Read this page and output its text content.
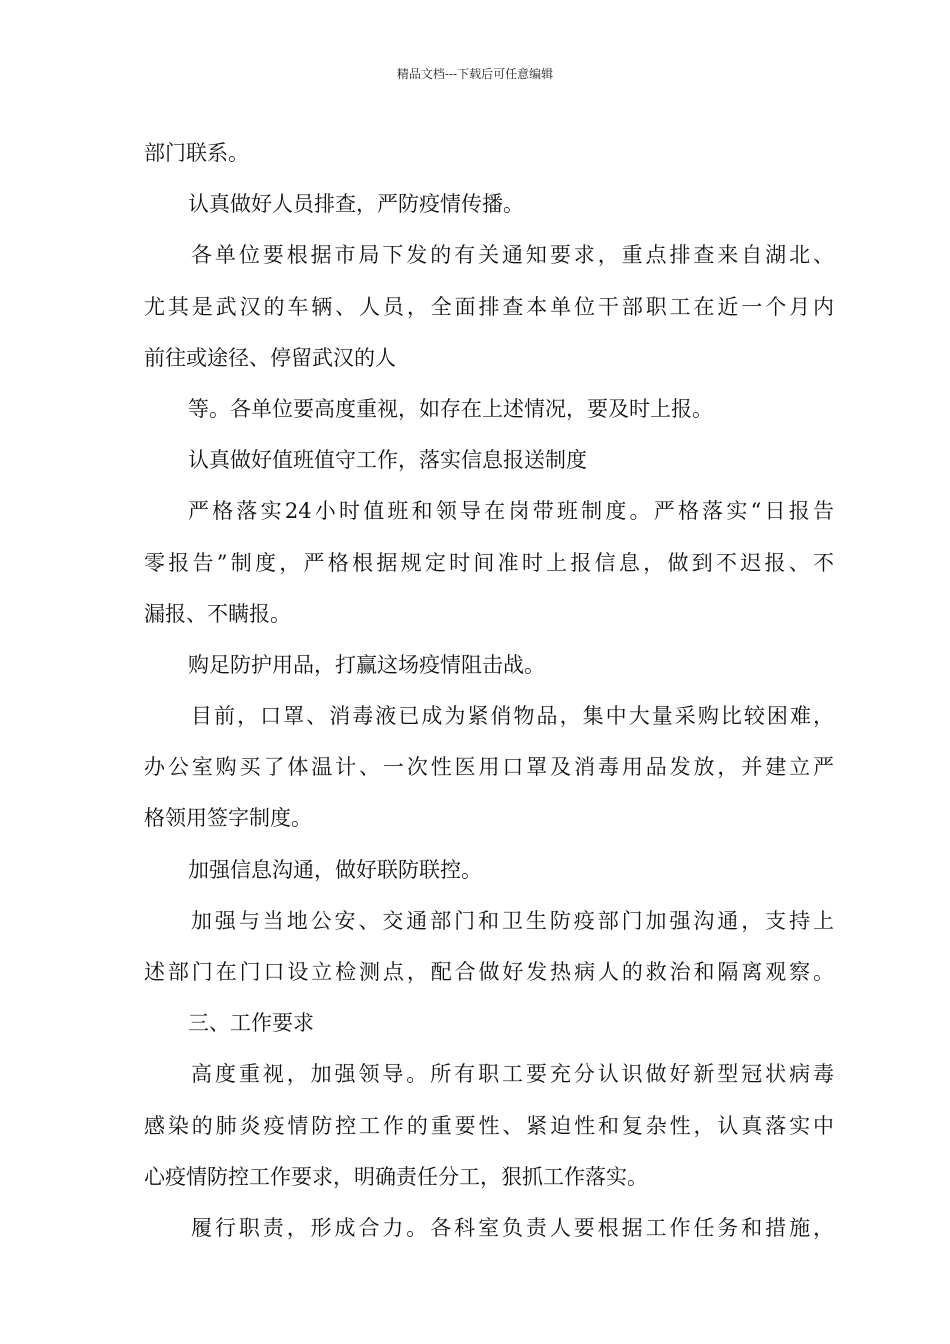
精品文档---下载后可任意编辑
部门联系。
认真做好人员排查，严防疫情传播。
各单位要根据市局下发的有关通知要求，重点排查来自湖北、
尤其是武汉的车辆、人员，全面排查本单位干部职工在近一个月内
前往或途径、停留武汉的人
等。各单位要高度重视，如存在上述情况，要及时上报。
认真做好值班值守工作，落实信息报送制度
严格落实24小时值班和领导在岗带班制度。严格落实“日报告
零报告”制度，严格根据规定时间准时上报信息，做到不迟报、不
漏报、不瞒报。
购足防护用品，打赢这场疫情阻击战。
目前，口罩、消毒液已成为紧俏物品，集中大量采购比较困难，
办公室购买了体温计、一次性医用口罩及消毒用品发放，并建立严
格领用签字制度。
加强信息沟通，做好联防联控。
加强与当地公安、交通部门和卫生防疫部门加强沟通，支持上
述部门在门口设立检测点，配合做好发热病人的救治和隔离观察。
三、工作要求
高度重视，加强领导。所有职工要充分认识做好新型冠状病毒
感染的肺炎疫情防控工作的重要性、紧迫性和复杂性，认真落实中
心疫情防控工作要求，明确责任分工，狠抓工作落实。
履行职责，形成合力。各科室负责人要根据工作任务和措施，
